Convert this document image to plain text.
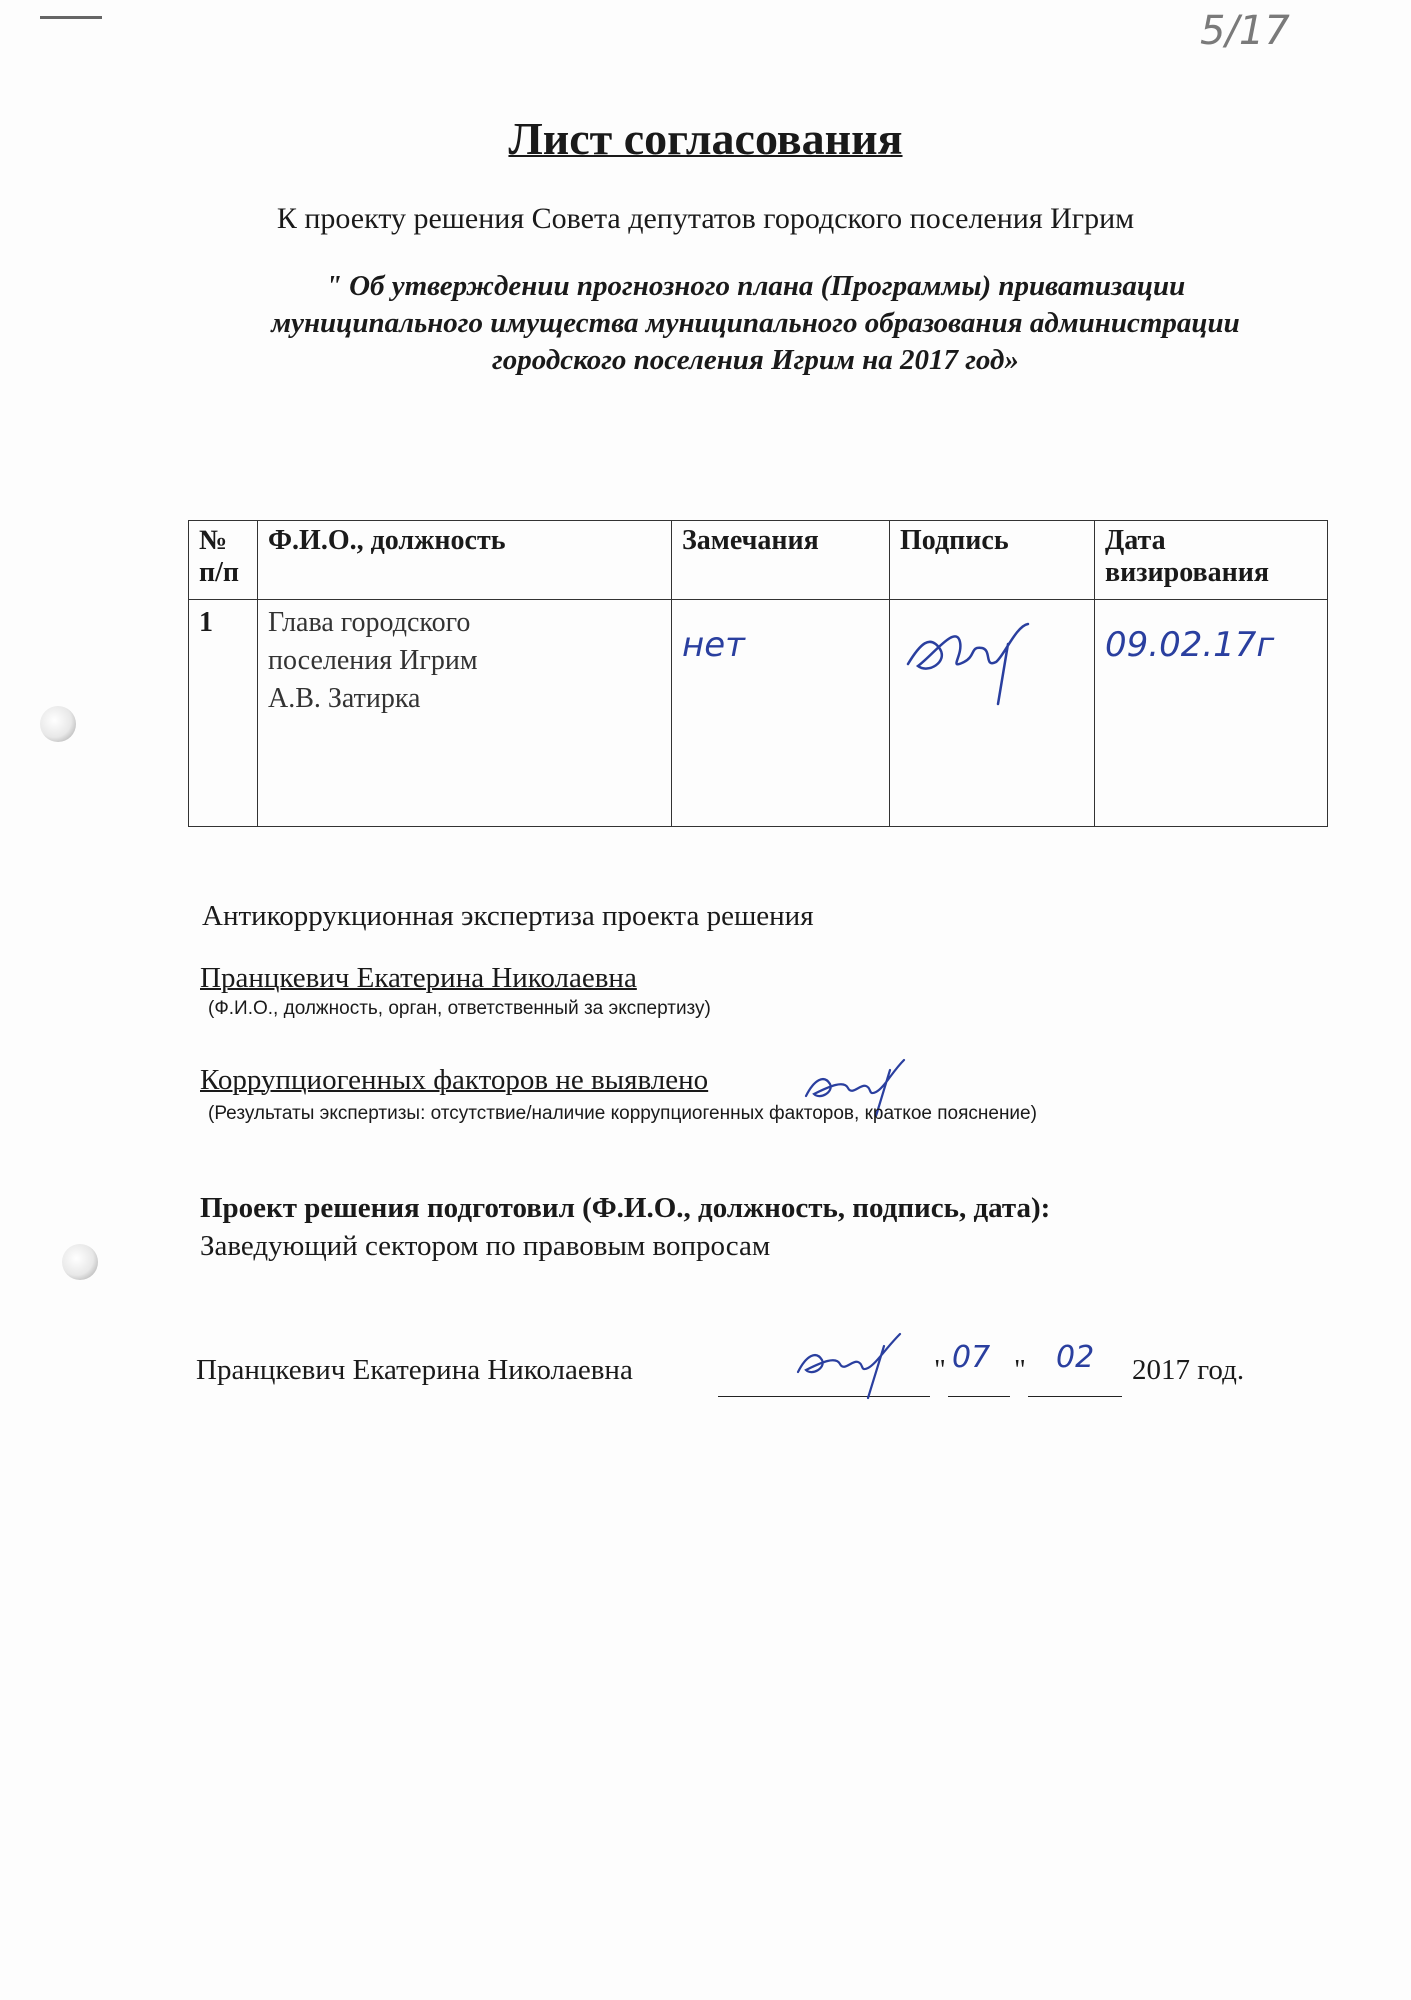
5/17
Лист согласования
К проекту решения Совета депутатов городского поселения Игрим
" Об утверждении прогнозного плана (Программы) приватизации
муниципального имущества муниципального образования администрации
городского поселения Игрим на 2017 год»
№ п/п	Ф.И.О., должность	Замечания	Подпись	Дата визирования
1	Глава городского
поселения Игрим
А.В. Затирка	нет		09.02.17г
Антикоррукционная экспертиза проекта решения
Пранцкевич Екатерина Николаевна
(Ф.И.О., должность, орган, ответственный за экспертизу)
Коррупциогенных факторов не выявлено
(Результаты экспертизы: отсутствие/наличие коррупциогенных факторов, краткое пояснение)
Проект решения подготовил (Ф.И.О., должность, подпись, дата):
Заведующий сектором по правовым вопросам
Пранцкевич Екатерина Николаевна	" 07 " 02 2017 год.
